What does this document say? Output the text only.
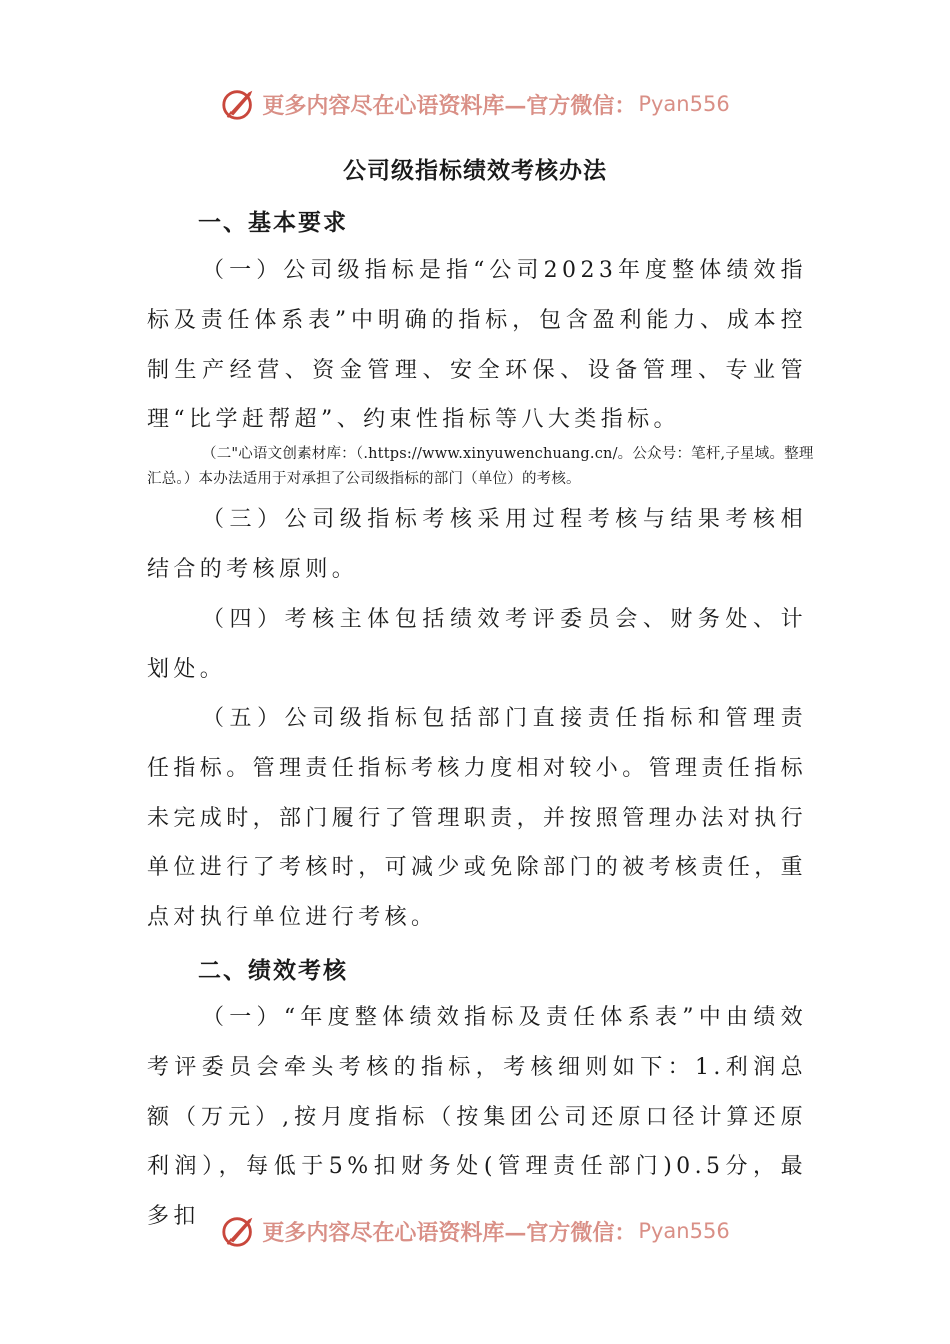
更多内容尽在心语资料库—官方微信： Pyan556
公司级指标绩效考核办法
一、基本要求

（一）公司级指标是指“公司2023年度整体绩效指标及责任体系表”中明确的指标，包含盈利能力、成本控制生产经营、资金管理、安全环保、设备管理、专业管理“比学赶帮超”、约束性指标等八大类指标。

（二"心语文创素材库：（.https://www.xinyuwenchuang.cn/。公众号：笔杆,子星域。整理汇总。）本办法适用于对承担了公司级指标的部门（单位）的考核。

（三）公司级指标考核采用过程考核与结果考核相结合的考核原则。

（四）考核主体包括绩效考评委员会、财务处、计划处。

（五）公司级指标包括部门直接责任指标和管理责任指标。管理责任指标考核力度相对较小。管理责任指标未完成时，部门履行了管理职责，并按照管理办法对执行单位进行了考核时，可减少或免除部门的被考核责任，重点对执行单位进行考核。

二、绩效考核

（一）“年度整体绩效指标及责任体系表”中由绩效考评委员会牵头考核的指标，考核细则如下：1.利润总额（万元）,按月度指标（按集团公司还原口径计算还原利润），每低于5%扣财务处(管理责任部门)0.5分，最多扣

更多内容尽在心语资料库—官方微信： Pyan556
